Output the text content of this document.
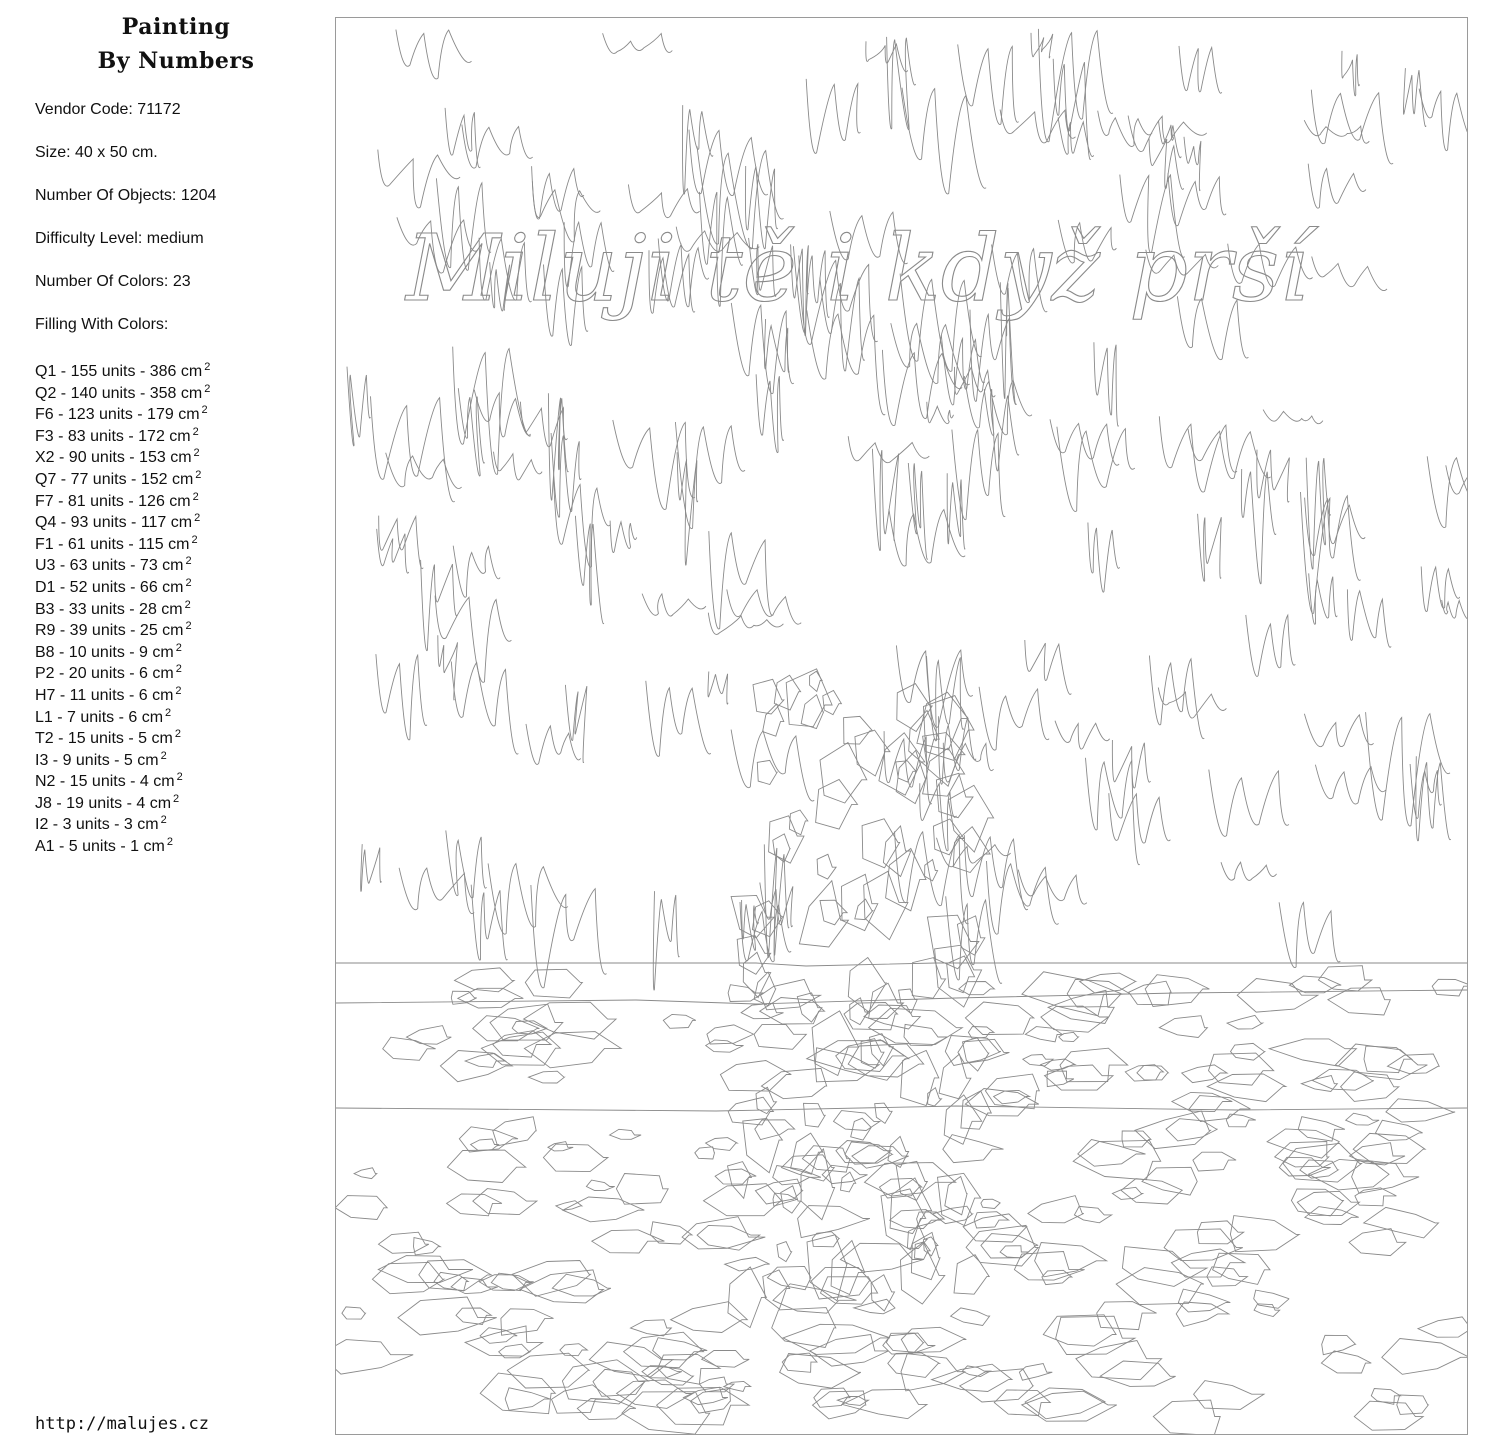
Painting
By Numbers
Vendor Code: 71172
Size: 40 x 50 cm.
Number Of Objects: 1204
Difficulty Level: medium
Number Of Colors: 23
Filling With Colors:
Q1 - 155 units - 386 cm $^2$
Q2 - 140 units - 358 cm $^2$
F6 - 123 units - 179 cm $^2$
F3 - 83 units - 172 cm $^2$
X2 - 90 units - 153 cm $^2$
Q7 - 77 units - 152 cm $^2$
F7 - 81 units - 126 cm $^2$
Q4 - 93 units - 117 cm $^2$
F1 - 61 units - 115 cm $^2$
U3 - 63 units - 73 cm $^2$
D1 - 52 units - 66 cm $^2$
B3 - 33 units - 28 cm $^2$
R9 - 39 units - 25 cm $^2$
B8 - 10 units - 9 cm $^2$
P2 - 20 units - 6 cm $^2$
H7 - 11 units - 6 cm $^2$
L1 - 7 units - 6 cm $^2$
T2 - 15 units - 5 cm $^2$
I3 - 9 units - 5 cm $^2$
N2 - 15 units - 4 cm $^2$
J8 - 19 units - 4 cm $^2$
I2 - 3 units - 3 cm $^2$
A1 - 5 units - 1 cm $^2$
http://malujes.cz
Miluji tě i když prší
